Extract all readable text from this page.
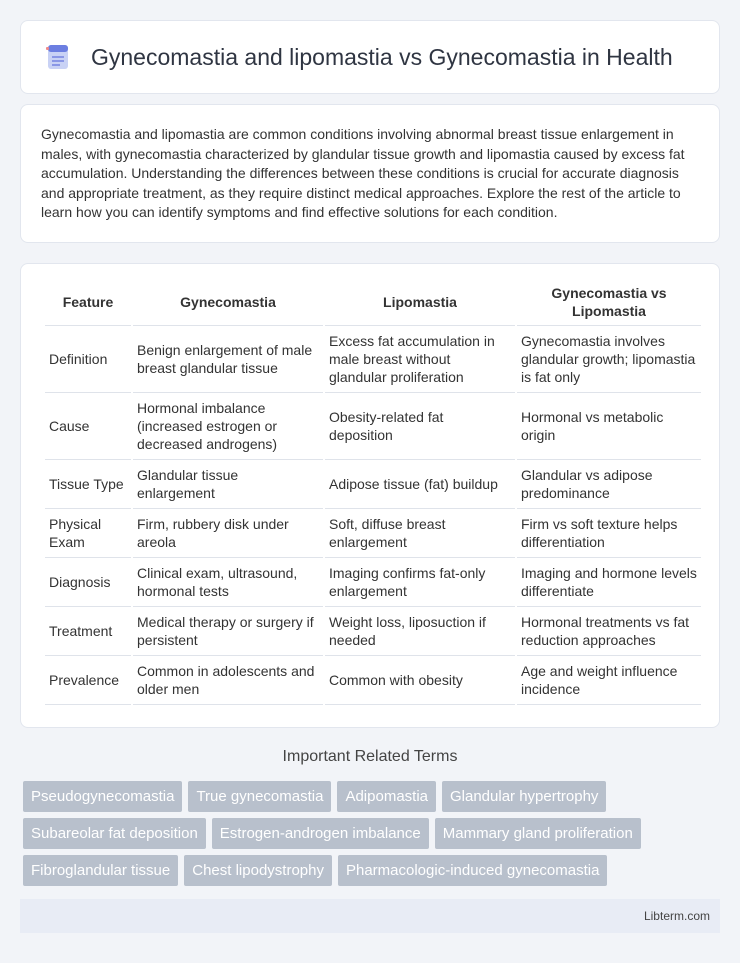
Gynecomastia and lipomastia vs Gynecomastia in Health

Gynecomastia and lipomastia are common conditions involving abnormal breast tissue enlargement in males, with gynecomastia characterized by glandular tissue growth and lipomastia caused by excess fat accumulation. Understanding the differences between these conditions is crucial for accurate diagnosis and appropriate treatment, as they require distinct medical approaches. Explore the rest of the article to learn how you can identify symptoms and find effective solutions for each condition.

Feature	Gynecomastia	Lipomastia	Gynecomastia vs Lipomastia
Definition	Benign enlargement of male breast glandular tissue	Excess fat accumulation in male breast without glandular proliferation	Gynecomastia involves glandular growth; lipomastia is fat only
Cause	Hormonal imbalance (increased estrogen or decreased androgens)	Obesity-related fat deposition	Hormonal vs metabolic origin
Tissue Type	Glandular tissue enlargement	Adipose tissue (fat) buildup	Glandular vs adipose predominance
Physical Exam	Firm, rubbery disk under areola	Soft, diffuse breast enlargement	Firm vs soft texture helps differentiation
Diagnosis	Clinical exam, ultrasound, hormonal tests	Imaging confirms fat-only enlargement	Imaging and hormone levels differentiate
Treatment	Medical therapy or surgery if persistent	Weight loss, liposuction if needed	Hormonal treatments vs fat reduction approaches
Prevalence	Common in adolescents and older men	Common with obesity	Age and weight influence incidence
Important Related Terms
Pseudogynecomastia	True gynecomastia	Adipomastia	Glandular hypertrophy
Subareolar fat deposition	Estrogen-androgen imbalance	Mammary gland proliferation
Fibroglandular tissue	Chest lipodystrophy	Pharmacologic-induced gynecomastia
Libterm.com
